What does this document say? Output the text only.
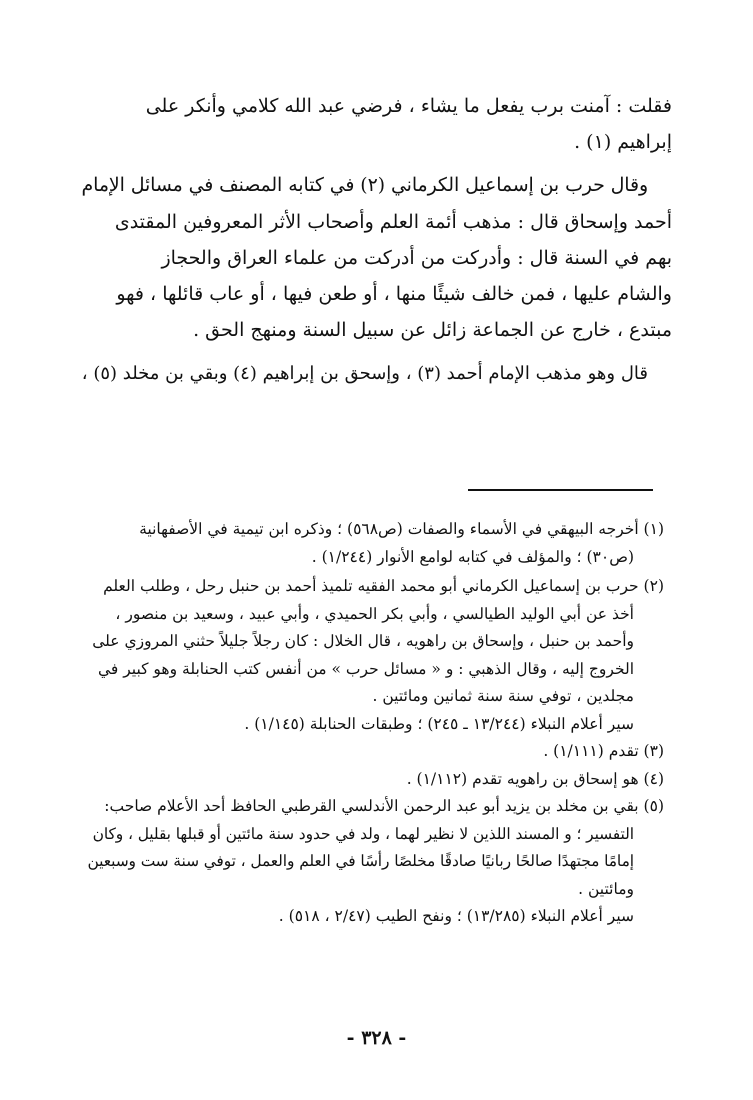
فقلت : آمنت برب يفعل ما يشاء ، فرضي عبد الله كلامي وأنكر على

إبراهيم (١) .

وقال حرب بن إسماعيل الكرماني (٢) في كتابه المصنف في مسائل الإمام

أحمد وإسحاق قال : مذهب أئمة العلم وأصحاب الأثر المعروفين المقتدى

بهم في السنة قال : وأدركت من أدركت من علماء العراق والحجاز

والشام عليها ، فمن خالف شيئًا منها ، أو طعن فيها ، أو عاب قائلها ، فهو

مبتدع ، خارج عن الجماعة زائل عن سبيل السنة ومنهج الحق .

قال وهو مذهب الإمام أحمد (٣) ، وإسحق بن إبراهيم (٤) وبقي بن مخلد (٥) ،

(١) أخرجه البيهقي في الأسماء والصفات (ص٥٦٨) ؛ وذكره ابن تيمية في الأصفهانية

(ص٣٠) ؛ والمؤلف في كتابه لوامع الأنوار (١/٢٤٤) .

(٢) حرب بن إسماعيل الكرماني أبو محمد الفقيه تلميذ أحمد بن حنبل رحل ، وطلب العلم

أخذ عن أبي الوليد الطيالسي ، وأبي بكر الحميدي ، وأبي عبيد ، وسعيد بن منصور ،

وأحمد بن حنبل ، وإسحاق بن راهويه ، قال الخلال : كان رجلاً جليلاً حثني المروزي على

الخروج إليه ، وقال الذهبي : و « مسائل حرب » من أنفس كتب الحنابلة وهو كبير في

مجلدين ، توفي سنة سنة ثمانين ومائتين .

سير أعلام النبلاء (١٣/٢٤٤ ـ ٢٤٥) ؛ وطبقات الحنابلة (١/١٤٥) .

(٣) تقدم (١/١١١) .

(٤) هو إسحاق بن راهويه تقدم (١/١١٢) .

(٥) بقي بن مخلد بن يزيد أبو عبد الرحمن الأندلسي القرطبي الحافظ أحد الأعلام صاحب:

التفسير ؛ و المسند اللذين لا نظير لهما ، ولد في حدود سنة مائتين أو قبلها بقليل ، وكان

إمامًا مجتهدًا صالحًا ربانيًا صادقًا مخلصًا رأسًا في العلم والعمل ، توفي سنة ست وسبعين

ومائتين .

سير أعلام النبلاء (١٣/٢٨٥) ؛ ونفح الطيب (٢/٤٧ ، ٥١٨) .

- ٣٢٨ -
